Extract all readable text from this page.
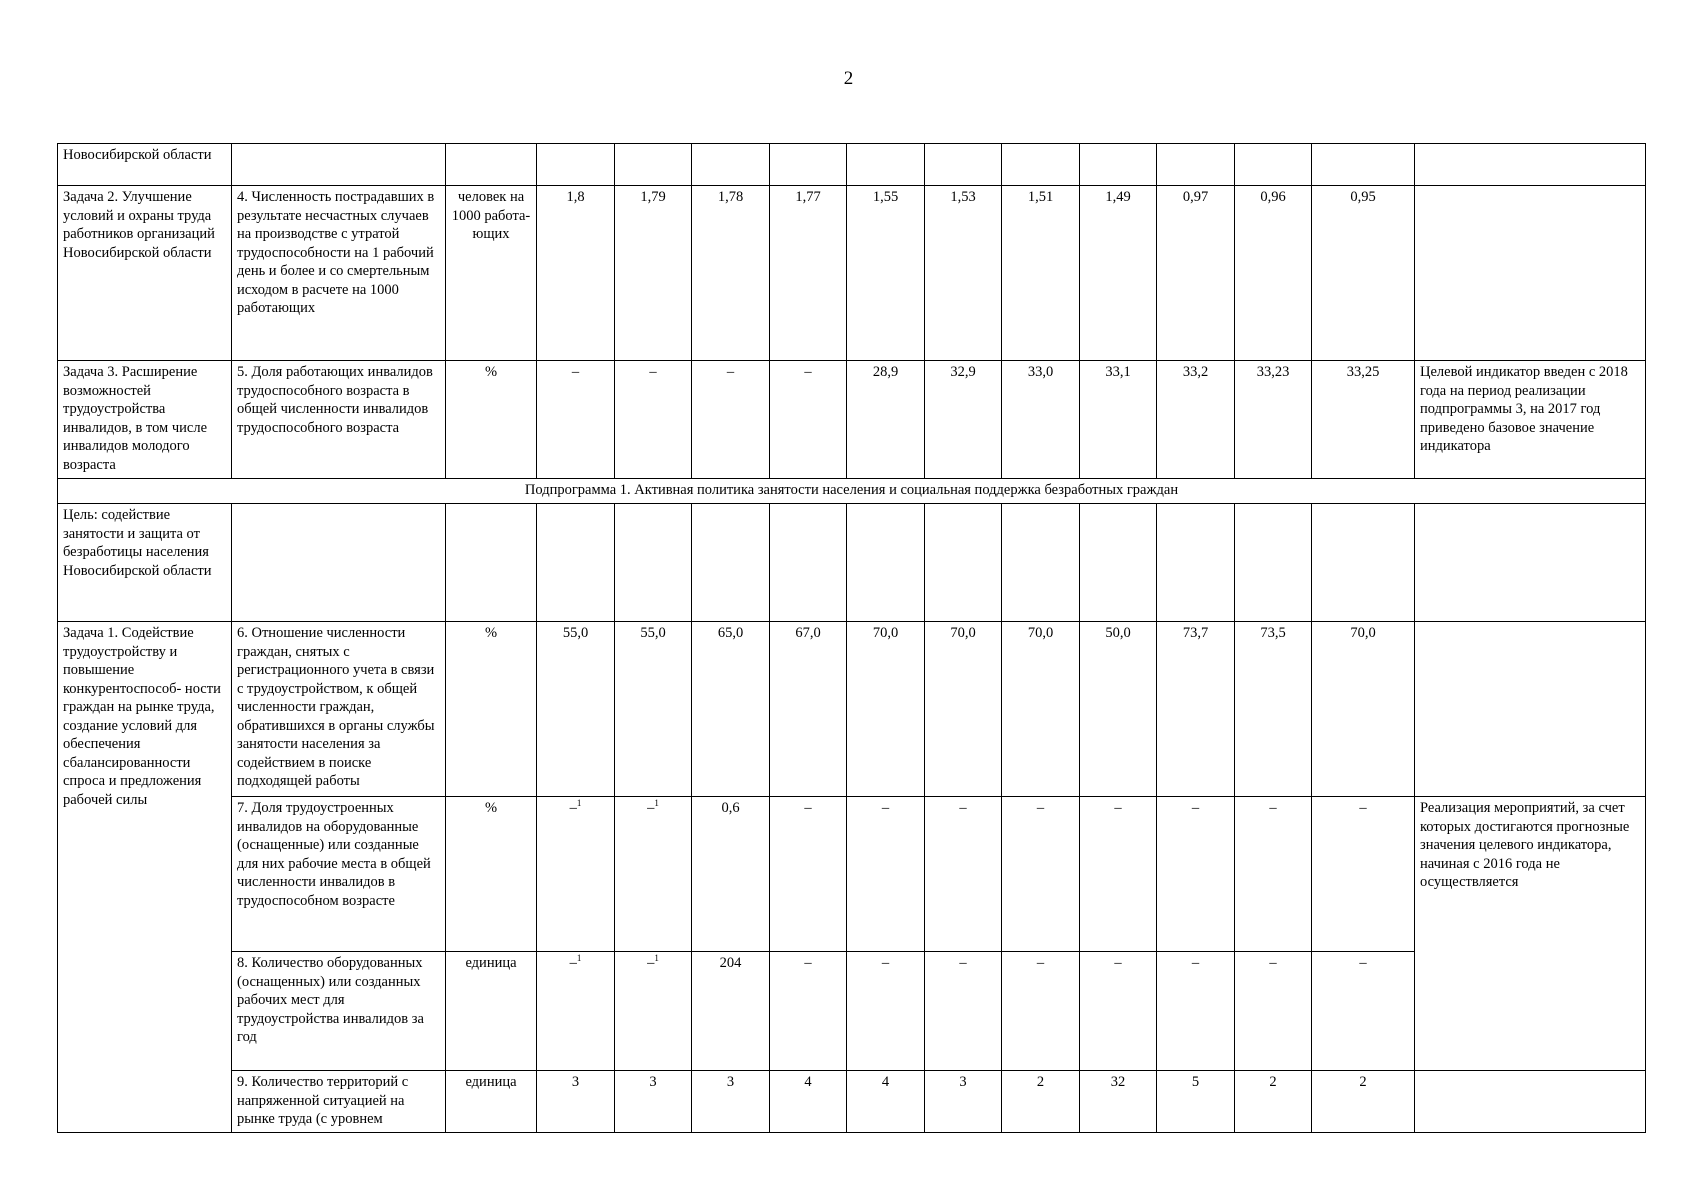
2
Новосибирской области														
Задача 2. Улучшение условий и охраны труда работников организаций Новосибирской области	4. Численность пострадавших в результате несчастных случаев на производстве с утратой трудоспособности на 1 рабочий день и более и со смертельным исходом в расчете на 1000 работающих	человек на 1000 работа- ющих	1,8	1,79	1,78	1,77	1,55	1,53	1,51	1,49	0,97	0,96	0,95	
Задача 3. Расширение возможностей трудоустройства инвалидов, в том числе инвалидов молодого возраста	5. Доля работающих инвалидов трудоспособного возраста в общей численности инвалидов трудоспособного возраста	%	–	–	–	–	28,9	32,9	33,0	33,1	33,2	33,23	33,25	Целевой индикатор введен с 2018 года на период реализации подпрограммы 3, на 2017 год приведено базовое значение индикатора
Подпрограмма 1. Активная политика занятости населения и социальная поддержка безработных граждан														
Цель: содействие занятости и защита от безработицы населения Новосибирской области														
Задача 1. Содействие трудоустройству и повышение конкурентоспособ- ности граждан на рынке труда, создание условий для обеспечения сбалансированности спроса и предложения рабочей силы	6. Отношение численности граждан, снятых с регистрационного учета в связи с трудоустройством, к общей численности граждан, обратившихся в органы службы занятости населения за содействием в поиске подходящей работы	%	55,0	55,0	65,0	67,0	70,0	70,0	70,0	50,0	73,7	73,5	70,0	
	7. Доля трудоустроенных инвалидов на оборудованные (оснащенные) или созданные для них рабочие места в общей численности инвалидов в трудоспособном возрасте	%	–$^1$	–$^1$	0,6	–	–	–	–	–	–	–	–	Реализация мероприятий, за счет которых достигаются прогнозные значения целевого индикатора, начиная с 2016 года не осуществляется
	8. Количество оборудованных (оснащенных) или созданных рабочих мест для трудоустройства инвалидов за год	единица	–$^1$	–$^1$	204	–	–	–	–	–	–	–	–	
	9. Количество территорий с напряженной ситуацией на рынке труда (с уровнем	единица	3	3	3	4	4	3	2	32	5	2	2	
